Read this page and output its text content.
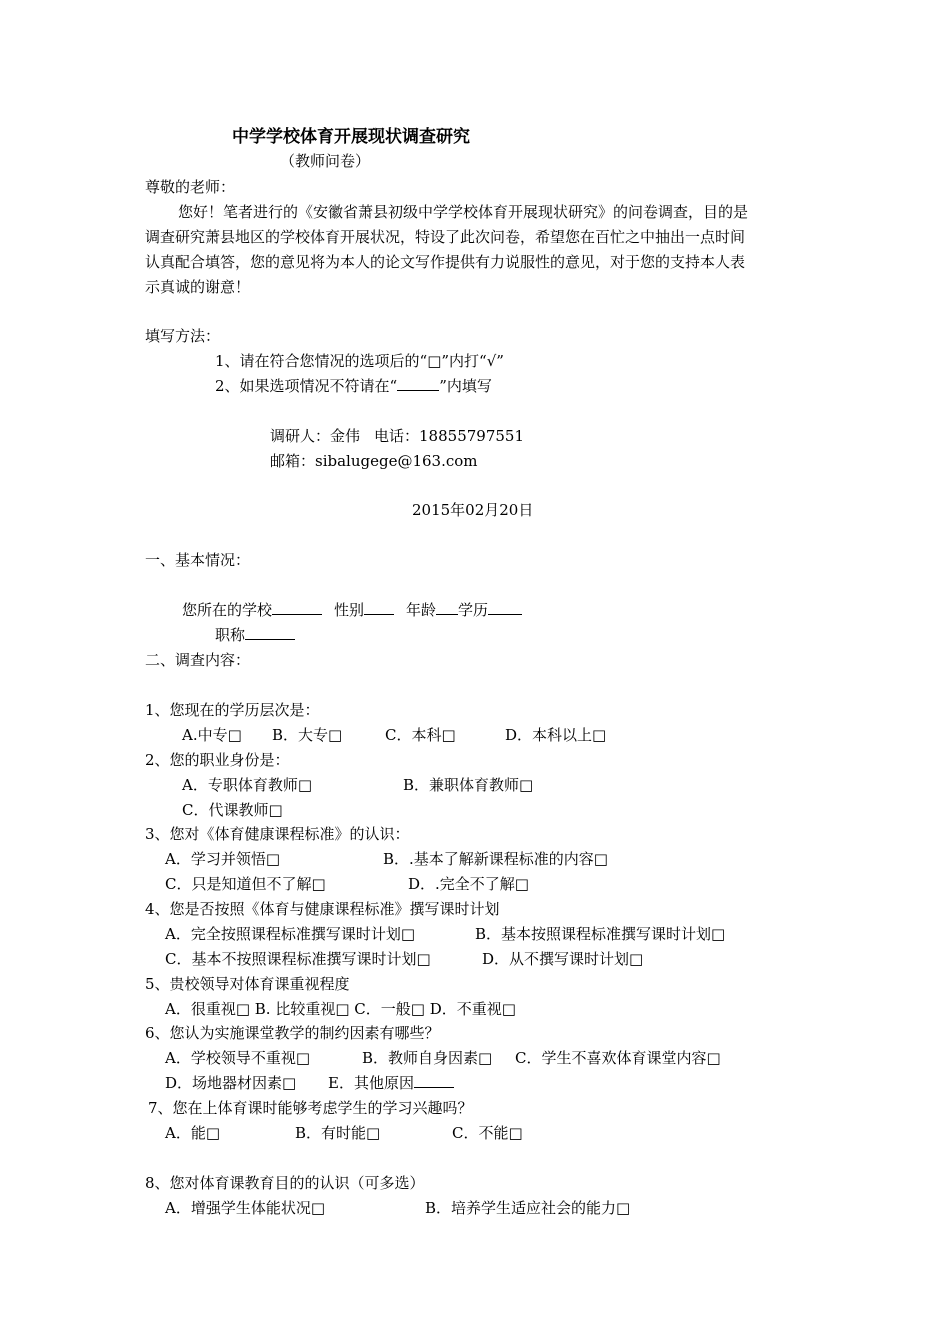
中学学校体育开展现状调查研究
（教师问卷）
尊敬的老师：
您好！笔者进行的《安徽省萧县初级中学学校体育开展现状研究》的问卷调查，目的是
调查研究萧县地区的学校体育开展状况，特设了此次问卷，希望您在百忙之中抽出一点时间
认真配合填答，您的意见将为本人的论文写作提供有力说服性的意见，对于您的支持本人表
示真诚的谢意！
填写方法：
1、请在符合您情况的选项后的“□”内打“√”
2、如果选项情况不符请在“	”内填写
调研人：金伟 电话：18855797551
邮箱：sibalugege@163.com
2015年02月20日
一、基本情况：
您所在的学校	性别	年龄 学历
职称
二、调查内容：
1、您现在的学历层次是：
A.中专□ B．大专□	C．本科□	D．本科以上□
2、您的职业身份是：
A．专职体育教师□	B．兼职体育教师□
C．代课教师□
3、您对《体育健康课程标准》的认识：
A．学习并领悟□	B．.基本了解新课程标准的内容□
C．只是知道但不了解□	D．.完全不了解□
4、您是否按照《体育与健康课程标准》撰写课时计划
A．完全按照课程标准撰写课时计划□	B．基本按照课程标准撰写课时计划□
C．基本不按照课程标准撰写课时计划□	D．从不撰写课时计划□
5、贵校领导对体育课重视程度
A．很重视□ B. 比较重视□ C．一般□ D．不重视□
6、您认为实施课堂教学的制约因素有哪些？
A．学校领导不重视□	B．教师自身因素□ C．学生不喜欢体育课堂内容□
D．场地器材因素□ E．其他原因
7、您在上体育课时能够考虑学生的学习兴趣吗？
A．能□	B．有时能□	C．不能□
8、您对体育课教育目的的认识（可多选）
A．增强学生体能状况□	B．培养学生适应社会的能力□
